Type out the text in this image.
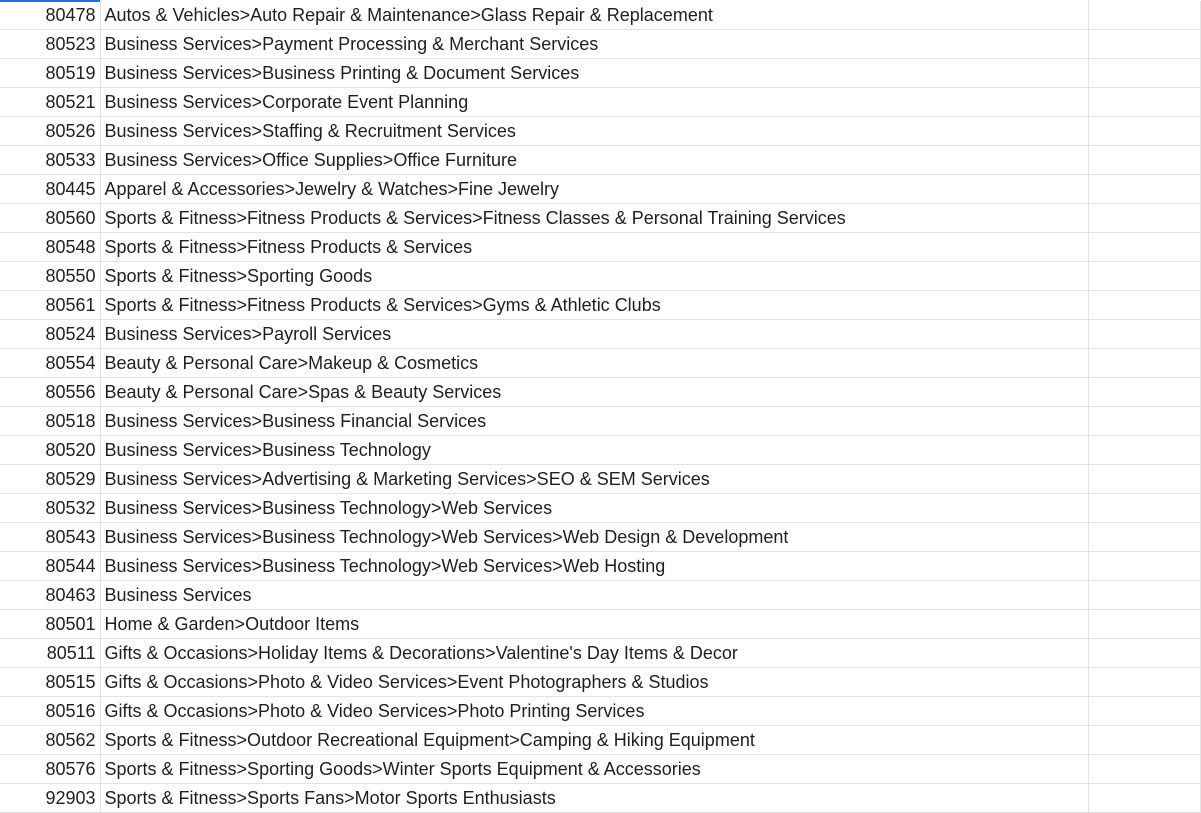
80478	Autos & Vehicles>Auto Repair & Maintenance>Glass Repair & Replacement	
80523	Business Services>Payment Processing & Merchant Services	
80519	Business Services>Business Printing & Document Services	
80521	Business Services>Corporate Event Planning	
80526	Business Services>Staffing & Recruitment Services	
80533	Business Services>Office Supplies>Office Furniture	
80445	Apparel & Accessories>Jewelry & Watches>Fine Jewelry	
80560	Sports & Fitness>Fitness Products & Services>Fitness Classes & Personal Training Services	
80548	Sports & Fitness>Fitness Products & Services	
80550	Sports & Fitness>Sporting Goods	
80561	Sports & Fitness>Fitness Products & Services>Gyms & Athletic Clubs	
80524	Business Services>Payroll Services	
80554	Beauty & Personal Care>Makeup & Cosmetics	
80556	Beauty & Personal Care>Spas & Beauty Services	
80518	Business Services>Business Financial Services	
80520	Business Services>Business Technology	
80529	Business Services>Advertising & Marketing Services>SEO & SEM Services	
80532	Business Services>Business Technology>Web Services	
80543	Business Services>Business Technology>Web Services>Web Design & Development	
80544	Business Services>Business Technology>Web Services>Web Hosting	
80463	Business Services	
80501	Home & Garden>Outdoor Items	
80511	Gifts & Occasions>Holiday Items & Decorations>Valentine's Day Items & Decor	
80515	Gifts & Occasions>Photo & Video Services>Event Photographers & Studios	
80516	Gifts & Occasions>Photo & Video Services>Photo Printing Services	
80562	Sports & Fitness>Outdoor Recreational Equipment>Camping & Hiking Equipment	
80576	Sports & Fitness>Sporting Goods>Winter Sports Equipment & Accessories	
92903	Sports & Fitness>Sports Fans>Motor Sports Enthusiasts	
